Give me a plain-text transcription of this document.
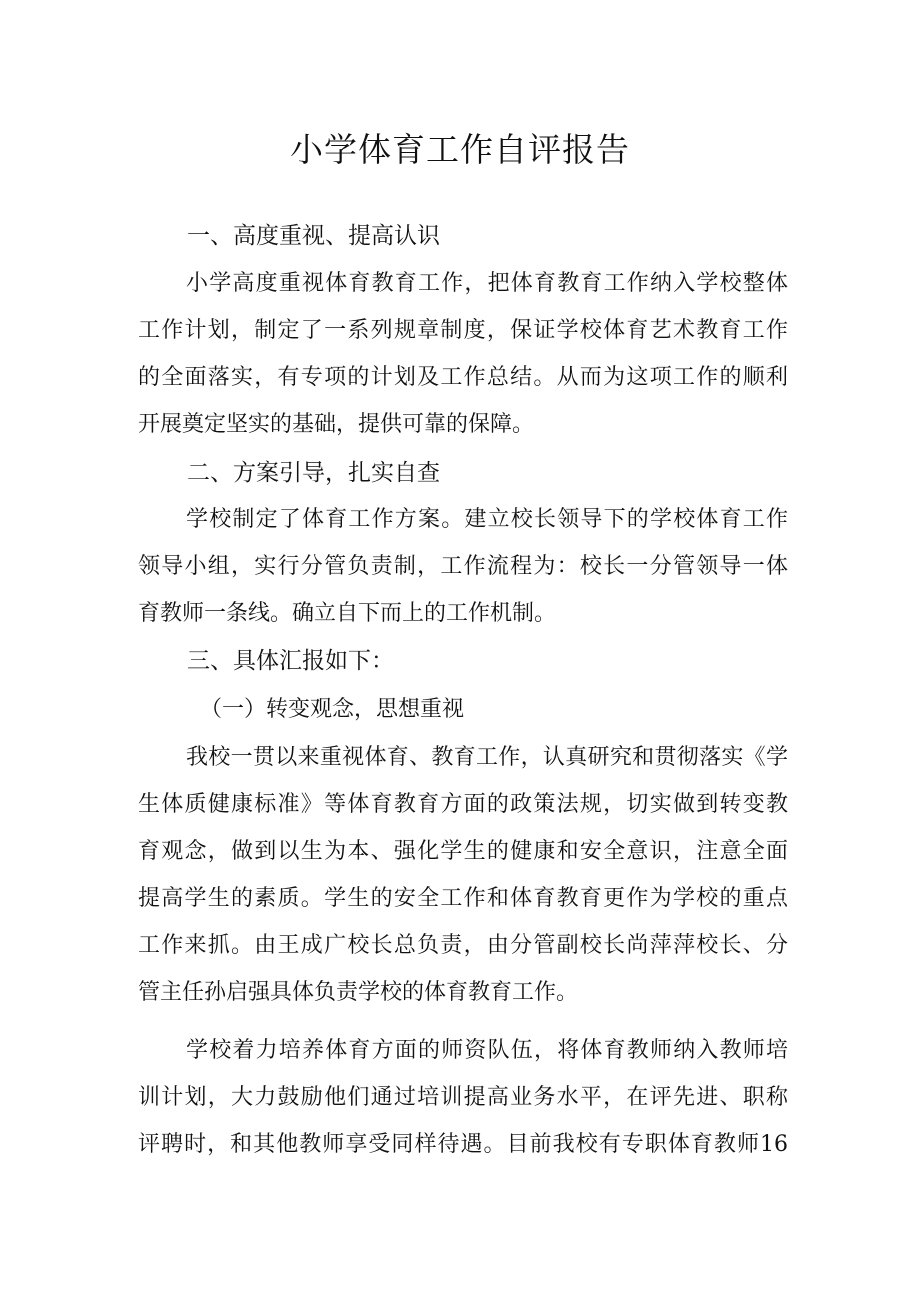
小学体育工作自评报告
一、高度重视、提高认识
小学高度重视体育教育工作，把体育教育工作纳入学校整体
工作计划，制定了一系列规章制度，保证学校体育艺术教育工作
的全面落实，有专项的计划及工作总结。从而为这项工作的顺利
开展奠定坚实的基础，提供可靠的保障。
二、方案引导，扎实自查
学校制定了体育工作方案。建立校长领导下的学校体育工作
领导小组，实行分管负责制，工作流程为：校长一分管领导一体
育教师一条线。确立自下而上的工作机制。
三、具体汇报如下：
（一）转变观念，思想重视
我校一贯以来重视体育、教育工作，认真研究和贯彻落实《学
生体质健康标准》等体育教育方面的政策法规，切实做到转变教
育观念，做到以生为本、强化学生的健康和安全意识，注意全面
提高学生的素质。学生的安全工作和体育教育更作为学校的重点
工作来抓。由王成广校长总负责，由分管副校长尚萍萍校长、分
管主任孙启强具体负责学校的体育教育工作。
学校着力培养体育方面的师资队伍，将体育教师纳入教师培
训计划，大力鼓励他们通过培训提高业务水平，在评先进、职称
评聘时，和其他教师享受同样待遇。目前我校有专职体育教师16
